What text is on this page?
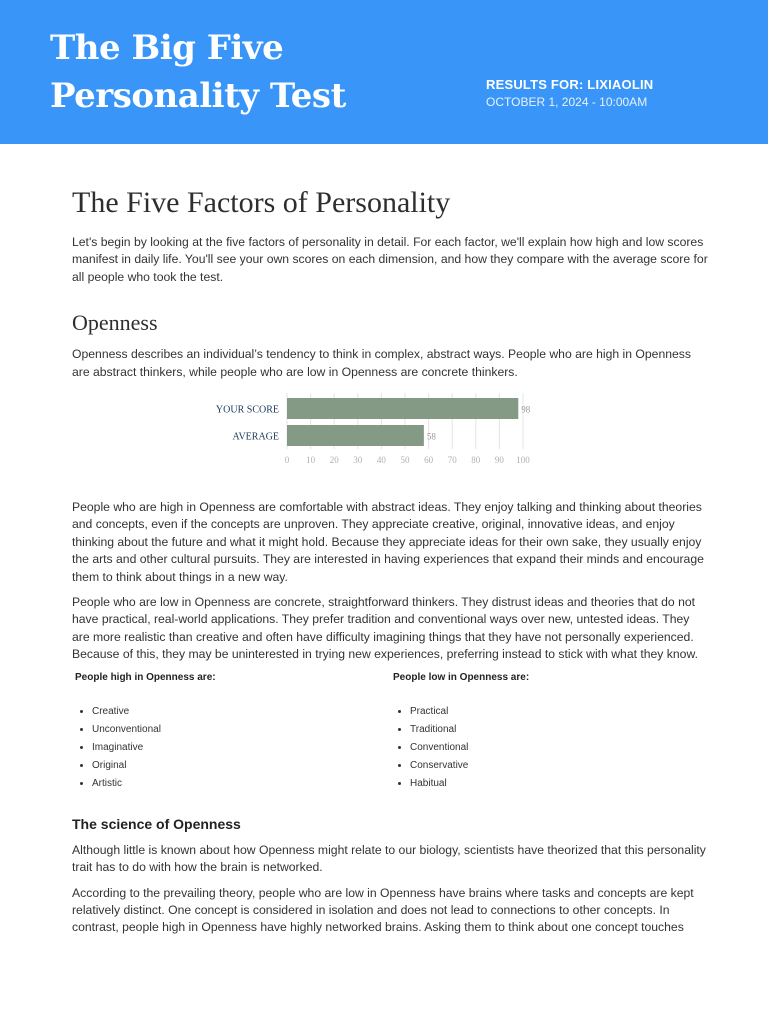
The Big Five Personality Test	RESULTS FOR: LIXIAOLIN
OCTOBER 1, 2024 - 10:00AM
The Five Factors of Personality

Let's begin by looking at the five factors of personality in detail. For each factor, we'll explain how high and low scores manifest in daily life. You'll see your own scores on each dimension, and how they compare with the average score for all people who took the test.

Openness

Openness describes an individual’s tendency to think in complex, abstract ways. People who are high in Openness are abstract thinkers, while people who are low in Openness are concrete thinkers.

YOUR SCORE	98
AVERAGE	58
0 10 20 30 40 50 60 70 80 90 100

People who are high in Openness are comfortable with abstract ideas. They enjoy talking and thinking about theories and concepts, even if the concepts are unproven. They appreciate creative, original, innovative ideas, and enjoy thinking about the future and what it might hold. Because they appreciate ideas for their own sake, they usually enjoy the arts and other cultural pursuits. They are interested in having experiences that expand their minds and encourage them to think about things in a new way.

People who are low in Openness are concrete, straightforward thinkers. They distrust ideas and theories that do not have practical, real-world applications. They prefer tradition and conventional ways over new, untested ideas. They are more realistic than creative and often have difficulty imagining things that they have not personally experienced. Because of this, they may be uninterested in trying new experiences, preferring instead to stick with what they know.

People high in Openness are:
• Creative
• Unconventional
• Imaginative
• Original
• Artistic
People low in Openness are:
• Practical
• Traditional
• Conventional
• Conservative
• Habitual
The science of Openness

Although little is known about how Openness might relate to our biology, scientists have theorized that this personality trait has to do with how the brain is networked.

According to the prevailing theory, people who are low in Openness have brains where tasks and concepts are kept relatively distinct. One concept is considered in isolation and does not lead to connections to other concepts. In contrast, people high in Openness have highly networked brains. Asking them to think about one concept touches
